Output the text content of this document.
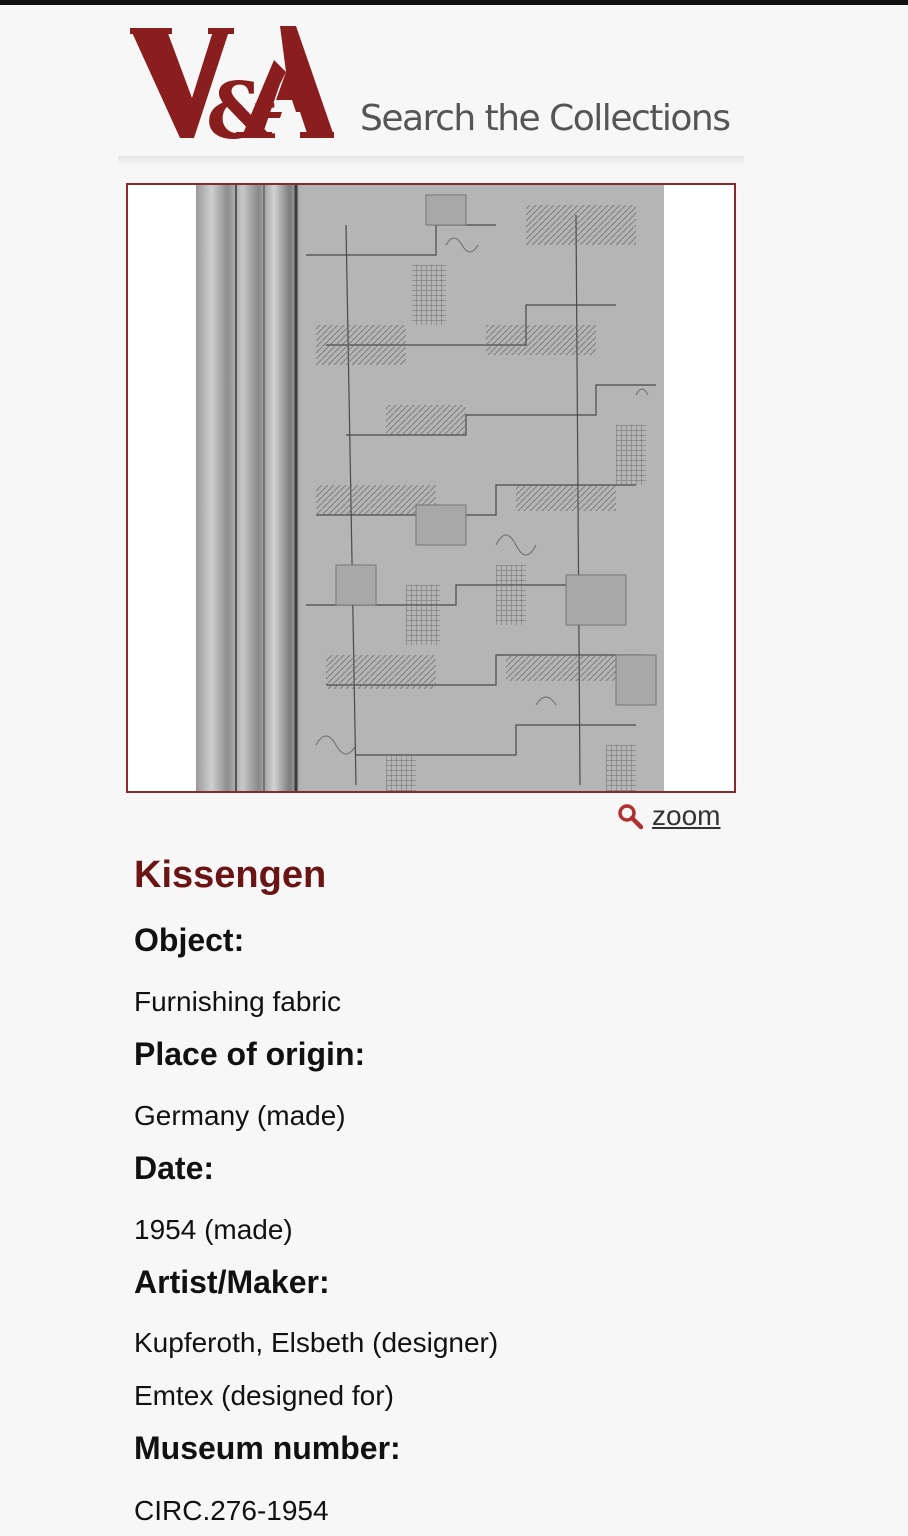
& Search the Collections
zoom
Kissengen
Object:
Furnishing fabric
Place of origin:
Germany (made)
Date:
1954 (made)
Artist/Maker:
Kupferoth, Elsbeth (designer)
Emtex (designed for)
Museum number:
CIRC.276-1954
